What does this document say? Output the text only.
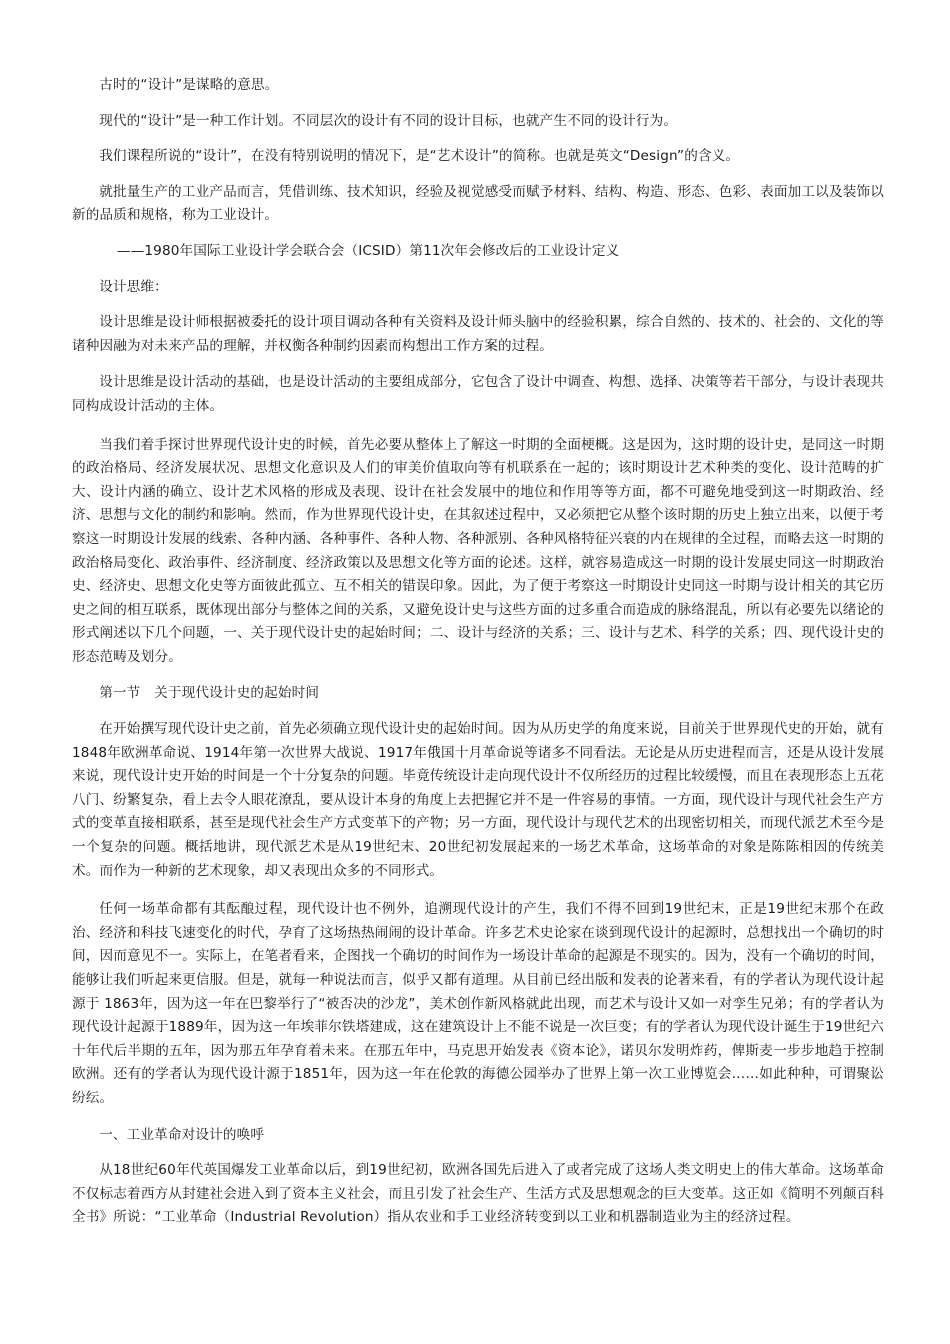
古时的“设计”是谋略的意思。

现代的“设计”是一种工作计划。不同层次的设计有不同的设计目标，也就产生不同的设计行为。

我们课程所说的“设计”，在没有特别说明的情况下，是“艺术设计”的简称。也就是英文“Design”的含义。

就批量生产的工业产品而言，凭借训练、技术知识，经验及视觉感受而赋予材料、结构、构造、形态、色彩、表面加工以及装饰以新的品质和规格，称为工业设计。

——1980年国际工业设计学会联合会（ICSID）第11次年会修改后的工业设计定义

设计思维：

设计思维是设计师根据被委托的设计项目调动各种有关资料及设计师头脑中的经验积累，综合自然的、技术的、社会的、文化的等诸种因融为对未来产品的理解，并权衡各种制约因素而构想出工作方案的过程。

设计思维是设计活动的基础，也是设计活动的主要组成部分，它包含了设计中调查、构想、选择、决策等若干部分，与设计表现共同构成设计活动的主体。

当我们着手探讨世界现代设计史的时候，首先必要从整体上了解这一时期的全面梗概。这是因为，这时期的设计史，是同这一时期的政治格局、经济发展状况、思想文化意识及人们的审美价值取向等有机联系在一起的；该时期设计艺术种类的变化、设计范畴的扩大、设计内涵的确立、设计艺术风格的形成及表现、设计在社会发展中的地位和作用等等方面，都不可避免地受到这一时期政治、经济、思想与文化的制约和影响。然而，作为世界现代设计史，在其叙述过程中，又必须把它从整个该时期的历史上独立出来，以便于考察这一时期设计发展的线索、各种内涵、各种事件、各种人物、各种派别、各种风格特征兴衰的内在规律的全过程，而略去这一时期的政治格局变化、政治事件、经济制度、经济政策以及思想文化等方面的论述。这样，就容易造成这一时期的设计发展史同这一时期政治史、经济史、思想文化史等方面彼此孤立、互不相关的错误印象。因此，为了便于考察这一时期设计史同这一时期与设计相关的其它历史之间的相互联系，既体现出部分与整体之间的关系，又避免设计史与这些方面的过多重合而造成的脉络混乱，所以有必要先以绪论的形式阐述以下几个问题，一、关于现代设计史的起始时间；二、设计与经济的关系；三、设计与艺术、科学的关系；四、现代设计史的形态范畴及划分。

第一节　关于现代设计史的起始时间

在开始撰写现代设计史之前，首先必须确立现代设计史的起始时间。因为从历史学的角度来说，目前关于世界现代史的开始，就有1848年欧洲革命说、1914年第一次世界大战说、1917年俄国十月革命说等诸多不同看法。无论是从历史进程而言，还是从设计发展来说，现代设计史开始的时间是一个十分复杂的问题。毕竟传统设计走向现代设计不仅所经历的过程比较缓慢，而且在表现形态上五花八门、纷繁复杂，看上去令人眼花潦乱，要从设计本身的角度上去把握它并不是一件容易的事情。一方面，现代设计与现代社会生产方式的变革直接相联系，甚至是现代社会生产方式变革下的产物；另一方面，现代设计与现代艺术的出现密切相关，而现代派艺术至今是一个复杂的问题。概括地讲，现代派艺术是从19世纪末、20世纪初发展起来的一场艺术革命，这场革命的对象是陈陈相因的传统美术。而作为一种新的艺术现象，却又表现出众多的不同形式。

任何一场革命都有其酝酿过程，现代设计也不例外，追溯现代设计的产生，我们不得不回到19世纪末，正是19世纪末那个在政治、经济和科技飞速变化的时代，孕育了这场热热闹闹的设计革命。许多艺术史论家在谈到现代设计的起源时，总想找出一个确切的时间，因而意见不一。实际上，在笔者看来，企图找一个确切的时间作为一场设计革命的起源是不现实的。因为，没有一个确切的时间，能够让我们听起来更信服。但是，就每一种说法而言，似乎又都有道理。从目前已经出版和发表的论著来看，有的学者认为现代设计起源于 1863年，因为这一年在巴黎举行了“被否决的沙龙”，美术创作新风格就此出现，而艺术与设计又如一对孪生兄弟；有的学者认为现代设计起源于1889年，因为这一年埃菲尔铁塔建成，这在建筑设计上不能不说是一次巨变；有的学者认为现代设计诞生于19世纪六十年代后半期的五年，因为那五年孕育着未来。在那五年中，马克思开始发表《资本论》，诺贝尔发明炸药，俾斯麦一步步地趋于控制欧洲。还有的学者认为现代设计源于1851年，因为这一年在伦敦的海德公园举办了世界上第一次工业博览会……如此种种，可谓聚讼纷纭。

一、工业革命对设计的唤呼

从18世纪60年代英国爆发工业革命以后，到19世纪初，欧洲各国先后进入了或者完成了这场人类文明史上的伟大革命。这场革命不仅标志着西方从封建社会进入到了资本主义社会，而且引发了社会生产、生活方式及思想观念的巨大变革。这正如《简明不列颠百科全书》所说：“工业革命（Industrial Revolution）指从农业和手工业经济转变到以工业和机器制造业为主的经济过程。
